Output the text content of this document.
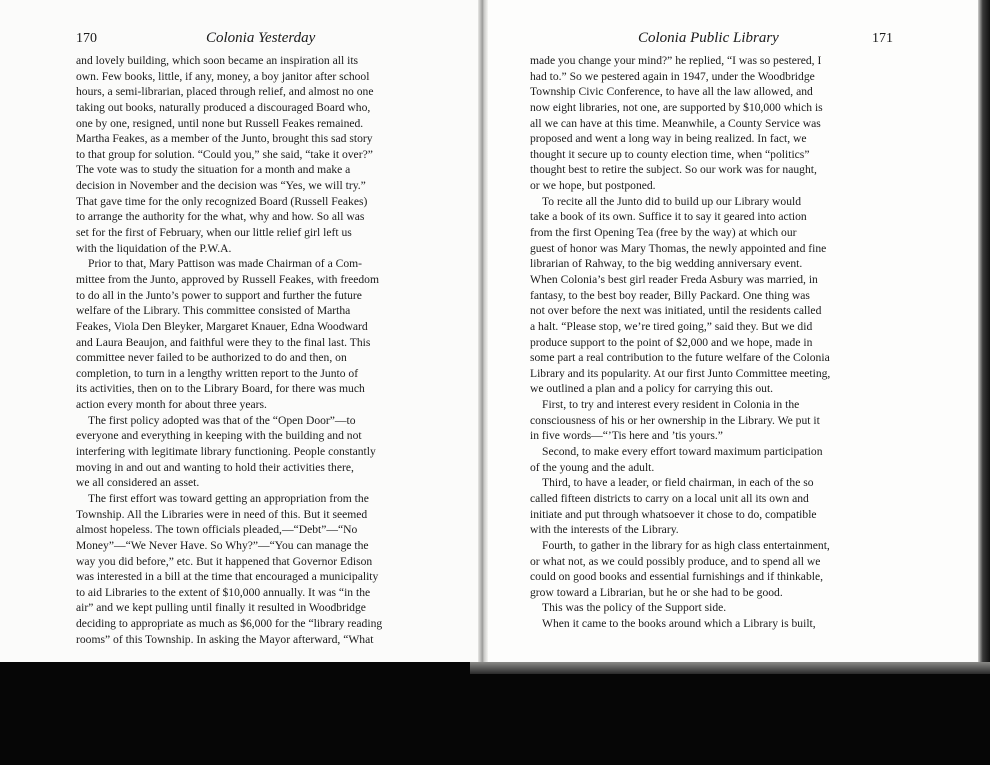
170	Colonia Yesterday
and lovely building, which soon became an inspiration all its
own. Few books, little, if any, money, a boy janitor after school
hours, a semi-librarian, placed through relief, and almost no one
taking out books, naturally produced a discouraged Board who,
one by one, resigned, until none but Russell Feakes remained.
Martha Feakes, as a member of the Junto, brought this sad story
to that group for solution. “Could you,” she said, “take it over?”
The vote was to study the situation for a month and make a
decision in November and the decision was “Yes, we will try.”
That gave time for the only recognized Board (Russell Feakes)
to arrange the authority for the what, why and how. So all was
set for the first of February, when our little relief girl left us
with the liquidation of the P.W.A.
Prior to that, Mary Pattison was made Chairman of a Com-
mittee from the Junto, approved by Russell Feakes, with freedom
to do all in the Junto’s power to support and further the future
welfare of the Library. This committee consisted of Martha
Feakes, Viola Den Bleyker, Margaret Knauer, Edna Woodward
and Laura Beaujon, and faithful were they to the final last. This
committee never failed to be authorized to do and then, on
completion, to turn in a lengthy written report to the Junto of
its activities, then on to the Library Board, for there was much
action every month for about three years.
The first policy adopted was that of the “Open Door”—to
everyone and everything in keeping with the building and not
interfering with legitimate library functioning. People constantly
moving in and out and wanting to hold their activities there,
we all considered an asset.
The first effort was toward getting an appropriation from the
Township. All the Libraries were in need of this. But it seemed
almost hopeless. The town officials pleaded,—“Debt”—“No
Money”—“We Never Have. So Why?”—“You can manage the
way you did before,” etc. But it happened that Governor Edison
was interested in a bill at the time that encouraged a municipality
to aid Libraries to the extent of $10,000 annually. It was “in the
air” and we kept pulling until finally it resulted in Woodbridge
deciding to appropriate as much as $6,000 for the “library reading
rooms” of this Township. In asking the Mayor afterward, “What
Colonia Public Library	171
made you change your mind?” he replied, “I was so pestered, I
had to.” So we pestered again in 1947, under the Woodbridge
Township Civic Conference, to have all the law allowed, and
now eight libraries, not one, are supported by $10,000 which is
all we can have at this time. Meanwhile, a County Service was
proposed and went a long way in being realized. In fact, we
thought it secure up to county election time, when “politics”
thought best to retire the subject. So our work was for naught,
or we hope, but postponed.
To recite all the Junto did to build up our Library would
take a book of its own. Suffice it to say it geared into action
from the first Opening Tea (free by the way) at which our
guest of honor was Mary Thomas, the newly appointed and fine
librarian of Rahway, to the big wedding anniversary event.
When Colonia’s best girl reader Freda Asbury was married, in
fantasy, to the best boy reader, Billy Packard. One thing was
not over before the next was initiated, until the residents called
a halt. “Please stop, we’re tired going,” said they. But we did
produce support to the point of $2,000 and we hope, made in
some part a real contribution to the future welfare of the Colonia
Library and its popularity. At our first Junto Committee meeting,
we outlined a plan and a policy for carrying this out.
First, to try and interest every resident in Colonia in the
consciousness of his or her ownership in the Library. We put it
in five words—“’Tis here and ’tis yours.”
Second, to make every effort toward maximum participation
of the young and the adult.
Third, to have a leader, or field chairman, in each of the so
called fifteen districts to carry on a local unit all its own and
initiate and put through whatsoever it chose to do, compatible
with the interests of the Library.
Fourth, to gather in the library for as high class entertainment,
or what not, as we could possibly produce, and to spend all we
could on good books and essential furnishings and if thinkable,
grow toward a Librarian, but he or she had to be good.
This was the policy of the Support side.
When it came to the books around which a Library is built,
